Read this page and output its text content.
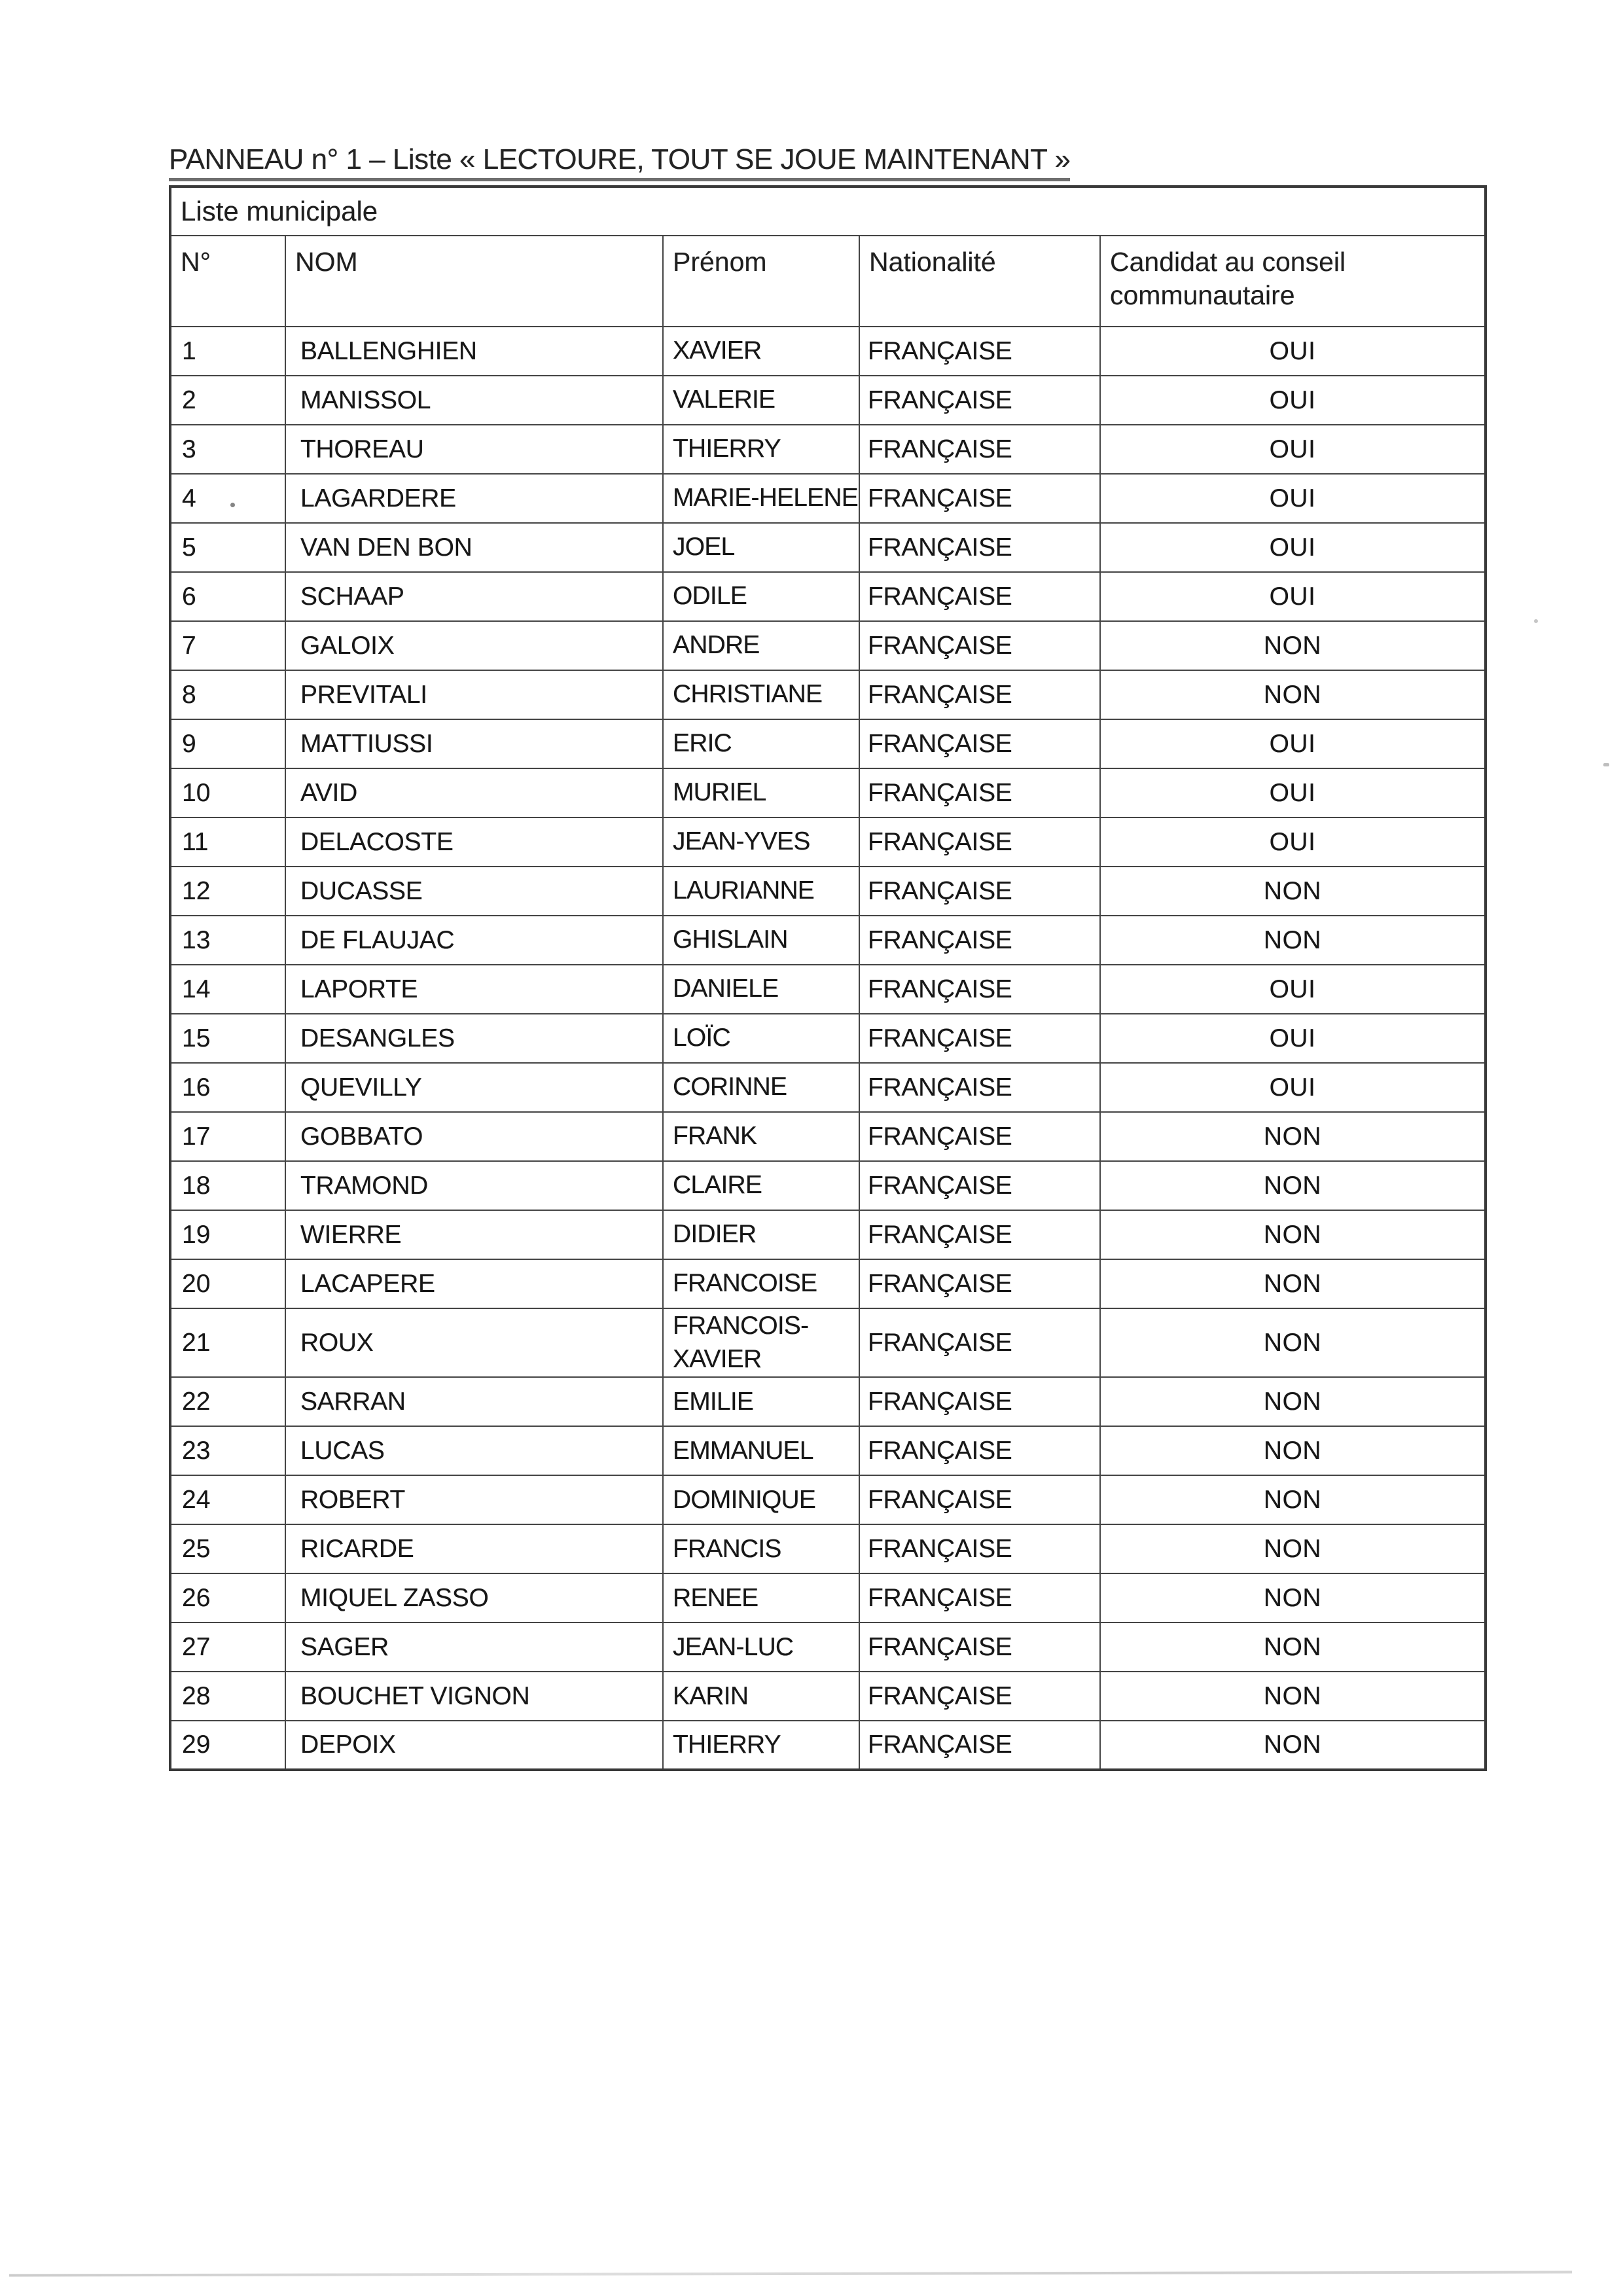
PANNEAU n° 1 – Liste « LECTOURE, TOUT SE JOUE MAINTENANT »
Liste municipale				
N°	NOM	Prénom	Nationalité	Candidat au conseil communautaire
1	BALLENGHIEN	XAVIER	FRANÇAISE	OUI
2	MANISSOL	VALERIE	FRANÇAISE	OUI
3	THOREAU	THIERRY	FRANÇAISE	OUI
4	LAGARDERE	MARIE-HELENE	FRANÇAISE	OUI
5	VAN DEN BON	JOEL	FRANÇAISE	OUI
6	SCHAAP	ODILE	FRANÇAISE	OUI
7	GALOIX	ANDRE	FRANÇAISE	NON
8	PREVITALI	CHRISTIANE	FRANÇAISE	NON
9	MATTIUSSI	ERIC	FRANÇAISE	OUI
10	AVID	MURIEL	FRANÇAISE	OUI
11	DELACOSTE	JEAN-YVES	FRANÇAISE	OUI
12	DUCASSE	LAURIANNE	FRANÇAISE	NON
13	DE FLAUJAC	GHISLAIN	FRANÇAISE	NON
14	LAPORTE	DANIELE	FRANÇAISE	OUI
15	DESANGLES	LOÏC	FRANÇAISE	OUI
16	QUEVILLY	CORINNE	FRANÇAISE	OUI
17	GOBBATO	FRANK	FRANÇAISE	NON
18	TRAMOND	CLAIRE	FRANÇAISE	NON
19	WIERRE	DIDIER	FRANÇAISE	NON
20	LACAPERE	FRANCOISE	FRANÇAISE	NON
21	ROUX	FRANCOIS-XAVIER	FRANÇAISE	NON
22	SARRAN	EMILIE	FRANÇAISE	NON
23	LUCAS	EMMANUEL	FRANÇAISE	NON
24	ROBERT	DOMINIQUE	FRANÇAISE	NON
25	RICARDE	FRANCIS	FRANÇAISE	NON
26	MIQUEL ZASSO	RENEE	FRANÇAISE	NON
27	SAGER	JEAN-LUC	FRANÇAISE	NON
28	BOUCHET VIGNON	KARIN	FRANÇAISE	NON
29	DEPOIX	THIERRY	FRANÇAISE	NON
